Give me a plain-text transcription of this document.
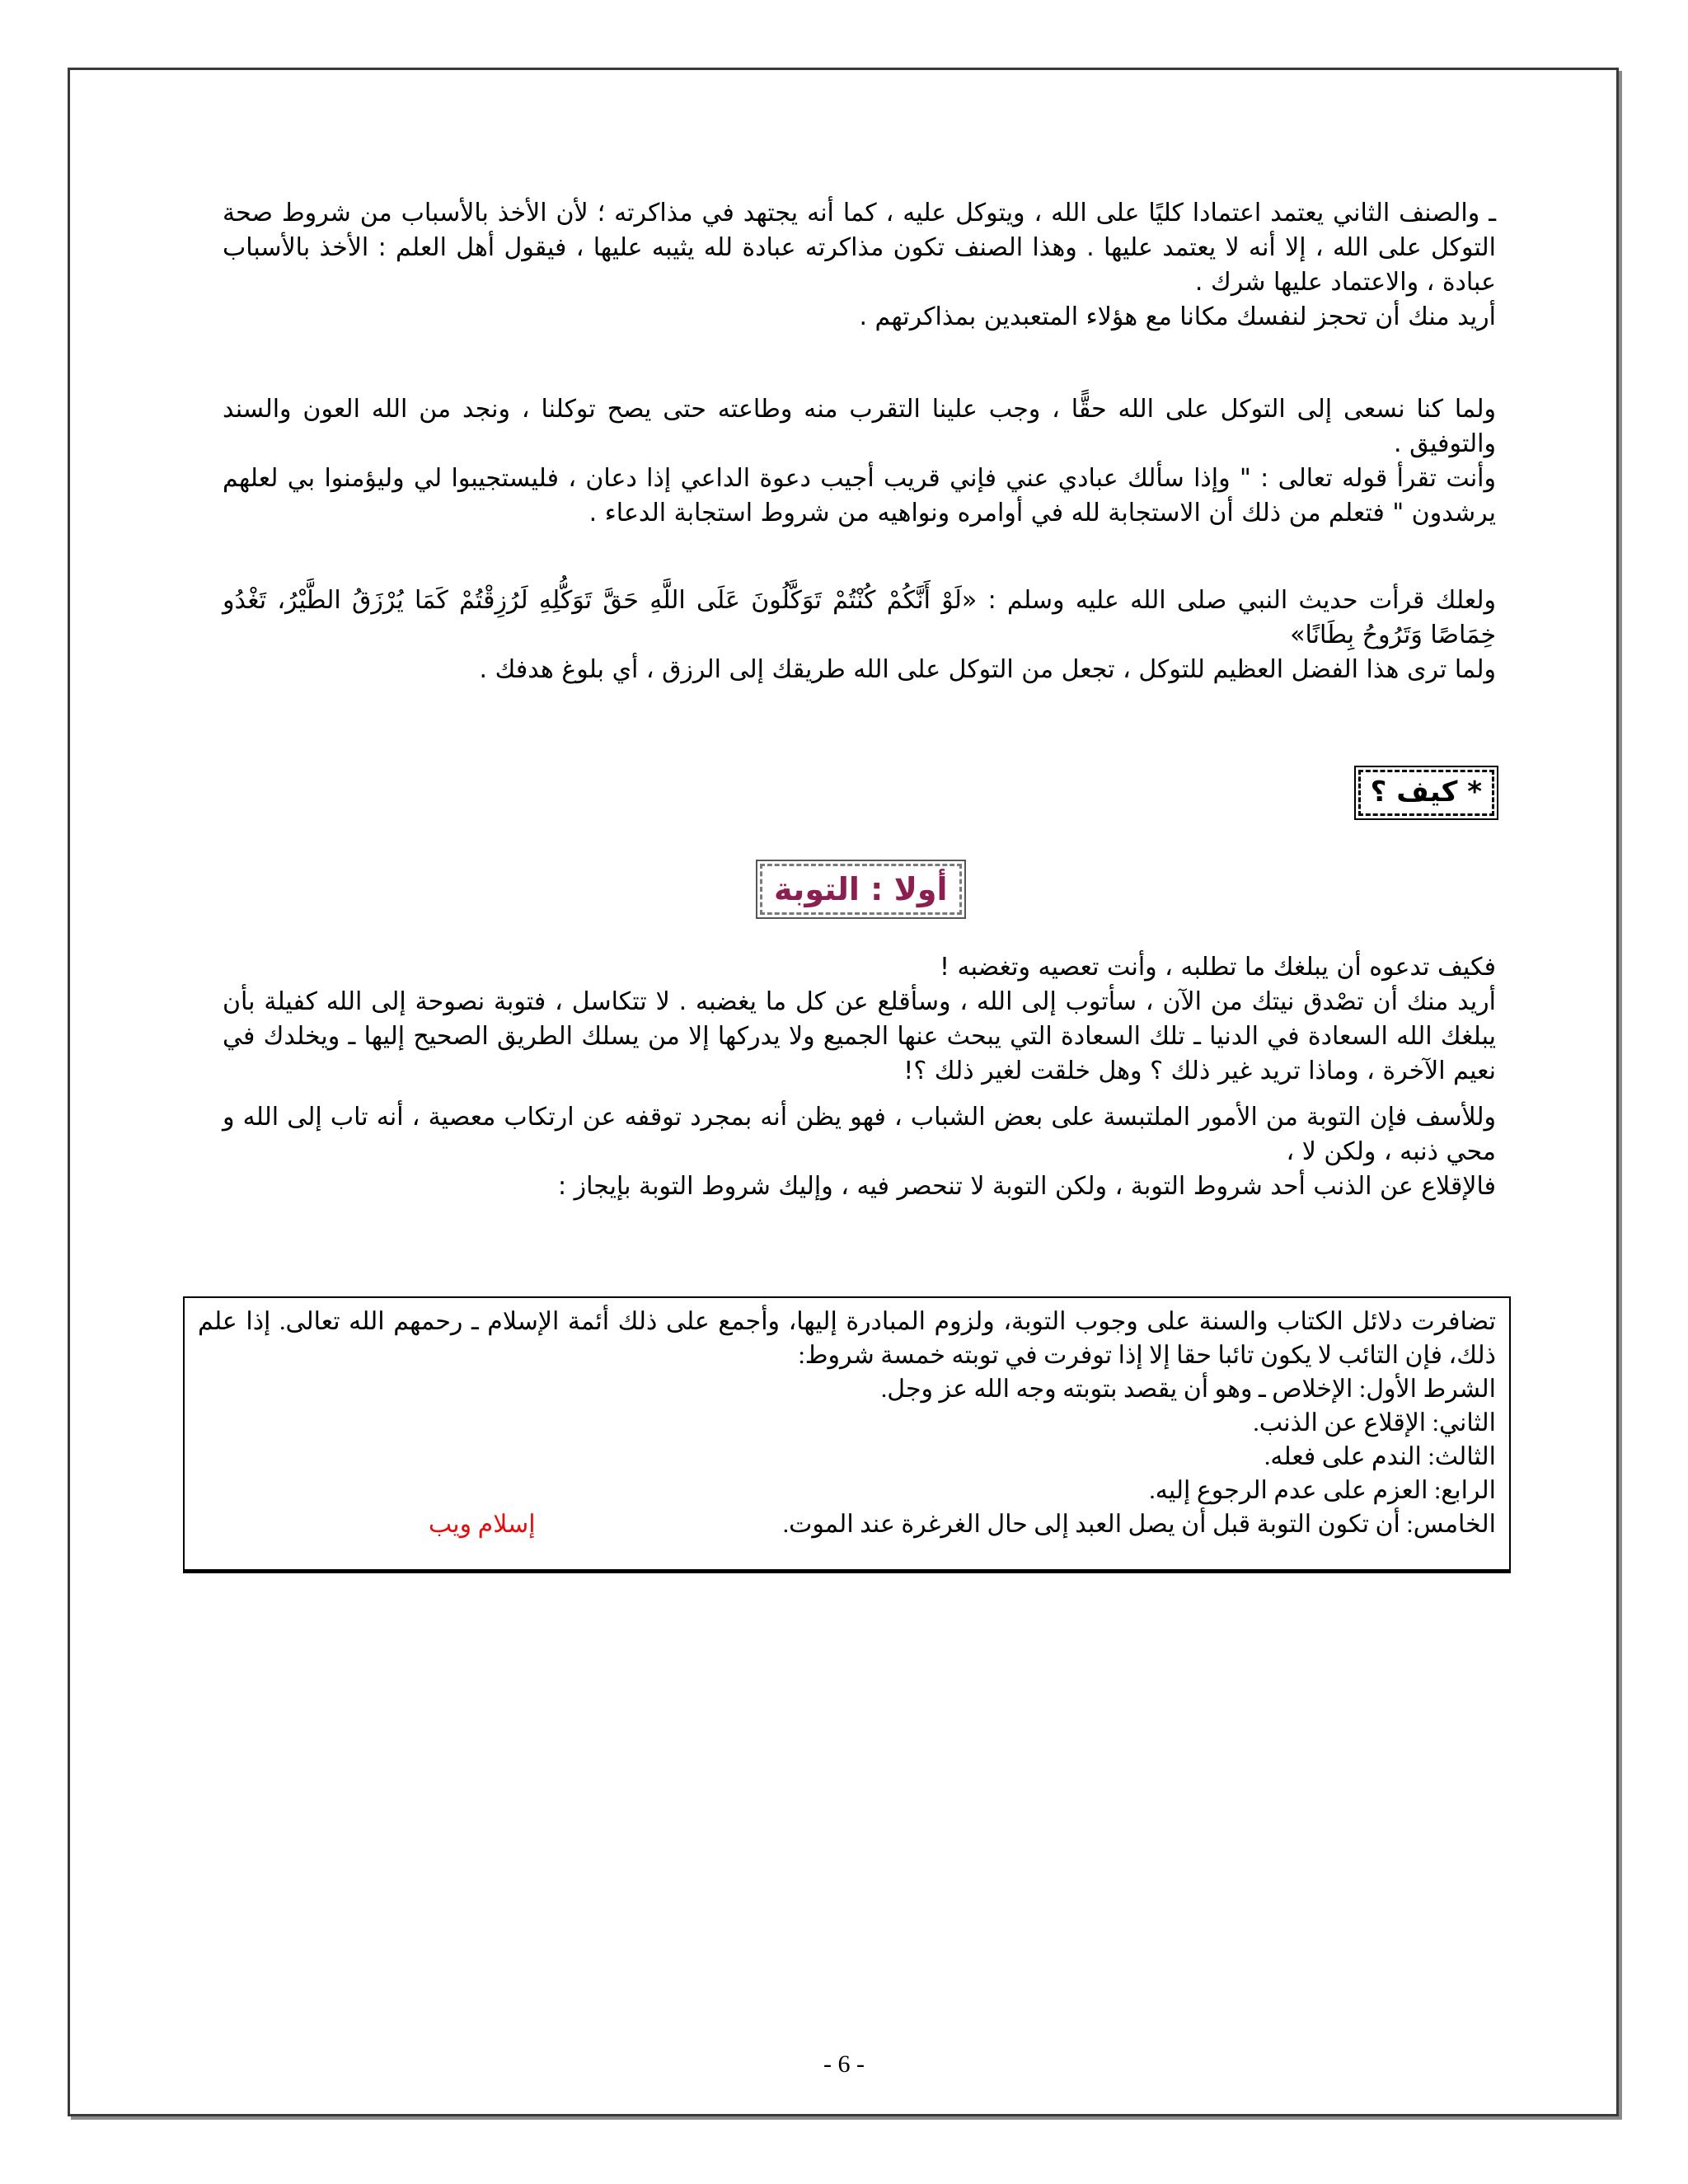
ـ والصنف الثاني يعتمد اعتمادا كليًا على الله ، ويتوكل عليه ، كما أنه يجتهد في مذاكرته ؛ لأن الأخذ بالأسباب من شروط صحة التوكل على الله ، إلا أنه لا يعتمد عليها . وهذا الصنف تكون مذاكرته عبادة لله يثيبه عليها ، فيقول أهل العلم : الأخذ بالأسباب عبادة ، والاعتماد عليها شرك .

أريد منك أن تحجز لنفسك مكانا مع هؤلاء المتعبدين بمذاكرتهم .

ولما كنا نسعى إلى التوكل على الله حقًّا ، وجب علينا التقرب منه وطاعته حتى يصح توكلنا ، ونجد من الله العون والسند والتوفيق .

وأنت تقرأ قوله تعالى : " وإذا سألك عبادي عني فإني قريب أجيب دعوة الداعي إذا دعان ، فليستجيبوا لي وليؤمنوا بي لعلهم يرشدون " فتعلم من ذلك أن الاستجابة لله في أوامره ونواهيه من شروط استجابة الدعاء .

ولعلك قرأت حديث النبي صلى الله عليه وسلم : «لَوْ أَنَّكُمْ كُنْتُمْ تَوَكَّلُونَ عَلَى اللَّهِ حَقَّ تَوَكُّلِهِ لَرُزِقْتُمْ كَمَا يُرْزَقُ الطَّيْرُ، تَغْدُو خِمَاصًا وَتَرُوحُ بِطَانًا»

ولما ترى هذا الفضل العظيم للتوكل ، تجعل من التوكل على الله طريقك إلى الرزق ، أي بلوغ هدفك .

* كيف ؟
أولا : التوبة

فكيف تدعوه أن يبلغك ما تطلبه ، وأنت تعصيه وتغضبه !

أريد منك أن تصْدق نيتك من الآن ، سأتوب إلى الله ، وسأقلع عن كل ما يغضبه . لا تتكاسل ، فتوبة نصوحة إلى الله كفيلة بأن يبلغك الله السعادة في الدنيا ـ تلك السعادة التي يبحث عنها الجميع ولا يدركها إلا من يسلك الطريق الصحيح إليها ـ ويخلدك في نعيم الآخرة ، وماذا تريد غير ذلك ؟ وهل خلقت لغير ذلك ؟!

وللأسف فإن التوبة من الأمور الملتبسة على بعض الشباب ، فهو يظن أنه بمجرد توقفه عن ارتكاب معصية ، أنه تاب إلى الله و محي ذنبه ، ولكن لا ،

فالإقلاع عن الذنب أحد شروط التوبة ، ولكن التوبة لا تنحصر فيه ، وإليك شروط التوبة بإيجاز :

تضافرت دلائل الكتاب والسنة على وجوب التوبة، ولزوم المبادرة إليها، وأجمع على ذلك أئمة الإسلام ـ رحمهم الله تعالى. إذا علم ذلك، فإن التائب لا يكون تائبا حقا إلا إذا توفرت في توبته خمسة شروط:

الشرط الأول: الإخلاص ـ وهو أن يقصد بتوبته وجه الله عز وجل.

الثاني: الإقلاع عن الذنب.

الثالث: الندم على فعله.

الرابع: العزم على عدم الرجوع إليه.

الخامس: أن تكون التوبة قبل أن يصل العبد إلى حال الغرغرة عند الموت.
إسلام ويب

- 6 -
